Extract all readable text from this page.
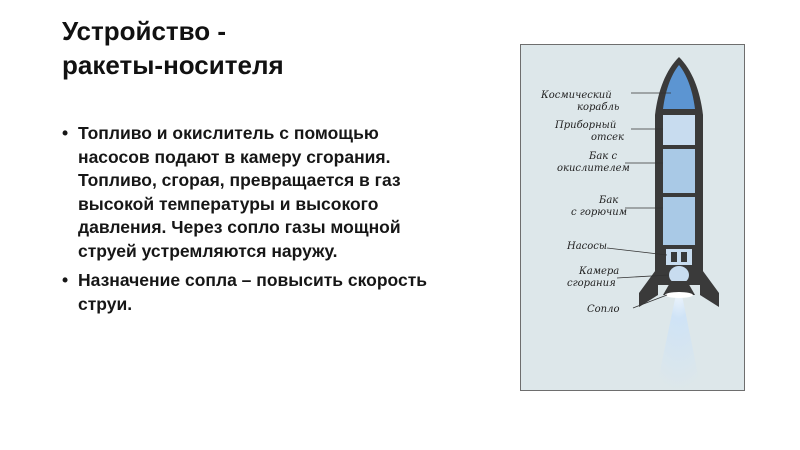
Устройство -
ракеты-носителя
• Топливо и окислитель с помощью насосов подают в камеру сгорания. Топливо, сгорая, превращается в газ высокой температуры и высокого давления. Через сопло газы мощной струей устремляются наружу.
• Назначение сопла – повысить скорость струи.
Космический
корабль
Приборный
отсек
Бак с
окислителем
Бак
с горючим
Насосы
Камера
сгорания
Сопло
